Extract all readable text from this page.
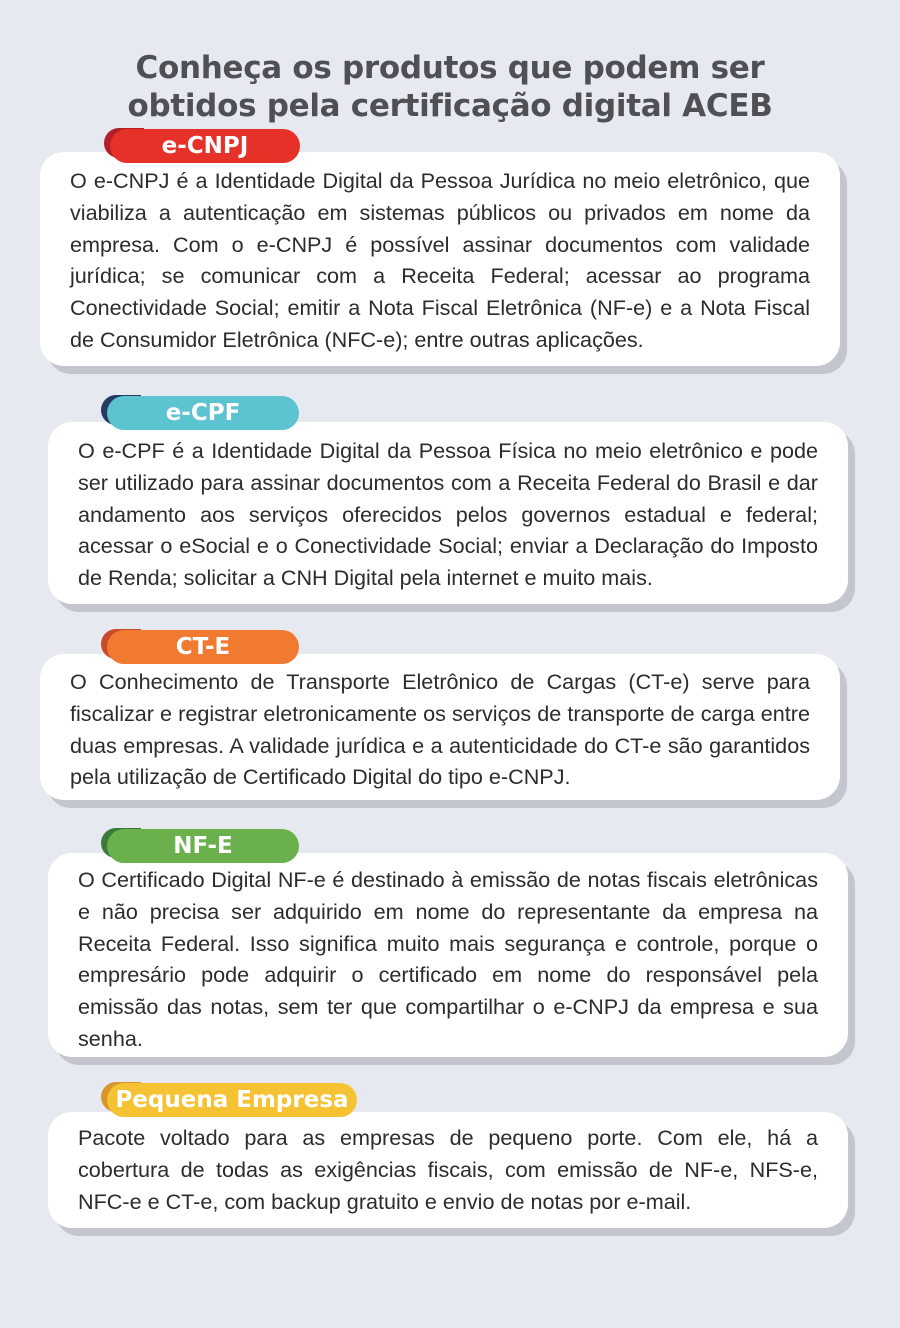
Conheça os produtos que podem ser
obtidos pela certificação digital ACEB

O e-CNPJ é a Identidade Digital da Pessoa Jurídica no meio eletrônico, que viabiliza a autenticação em sistemas públicos ou privados em nome da empresa. Com o e-CNPJ é possível assinar documentos com validade jurídica; se comunicar com a Receita Federal; acessar ao programa Conectividade Social; emitir a Nota Fiscal Eletrônica (NF-e) e a Nota Fiscal de Consumidor Eletrônica (NFC-e); entre outras aplicações.

e-CNPJ

O e-CPF é a Identidade Digital da Pessoa Física no meio eletrônico e pode ser utilizado para assinar documentos com a Receita Federal do Brasil e dar andamento aos serviços oferecidos pelos governos estadual e federal; acessar o eSocial e o Conectividade Social; enviar a Declaração do Imposto de Renda; solicitar a CNH Digital pela internet e muito mais.

e-CPF

O Conhecimento de Transporte Eletrônico de Cargas (CT-e) serve para fiscalizar e registrar eletronicamente os serviços de transporte de carga entre duas empresas. A validade jurídica e a autenticidade do CT-e são garantidos pela utilização de Certificado Digital do tipo e-CNPJ.

CT-E

O Certificado Digital NF-e é destinado à emissão de notas fiscais eletrônicas e não precisa ser adquirido em nome do representante da empresa na Receita Federal. Isso significa muito mais segurança e controle, porque o empresário pode adquirir o certificado em nome do responsável pela emissão das notas, sem ter que compartilhar o e-CNPJ da empresa e sua senha.

NF-E

Pacote voltado para as empresas de pequeno porte. Com ele, há a cobertura de todas as exigências fiscais, com emissão de NF-e, NFS-e, NFC-e e CT-e, com backup gratuito e envio de notas por e-mail.

Pequena Empresa
